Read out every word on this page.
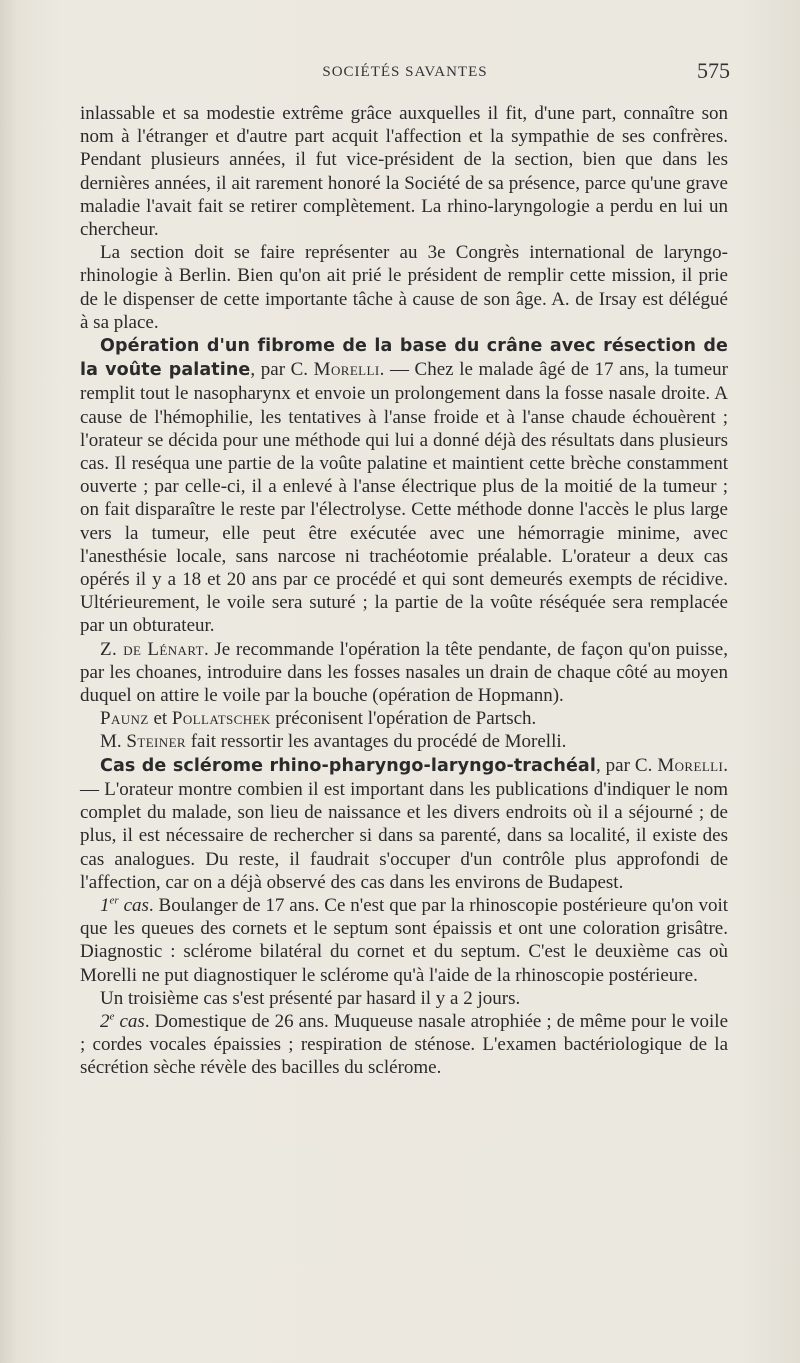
SOCIÉTÉS SAVANTES	575

inlassable et sa modestie extrême grâce auxquelles il fit, d'une part, connaître son nom à l'étranger et d'autre part acquit l'affection et la sympathie de ses confrères. Pendant plusieurs années, il fut vice-président de la section, bien que dans les dernières années, il ait rarement honoré la Société de sa présence, parce qu'une grave maladie l'avait fait se retirer complètement. La rhino-laryngologie a perdu en lui un chercheur.

La section doit se faire représenter au 3e Congrès international de laryngo-rhinologie à Berlin. Bien qu'on ait prié le président de remplir cette mission, il prie de le dispenser de cette importante tâche à cause de son âge. A. de Irsay est délégué à sa place.

Opération d'un fibrome de la base du crâne avec résection de la voûte palatine, par C. Morelli. — Chez le malade âgé de 17 ans, la tumeur remplit tout le nasopharynx et envoie un prolongement dans la fosse nasale droite. A cause de l'hémophilie, les tentatives à l'anse froide et à l'anse chaude échouèrent ; l'orateur se décida pour une méthode qui lui a donné déjà des résultats dans plusieurs cas. Il reséqua une partie de la voûte palatine et maintient cette brèche constamment ouverte ; par celle-ci, il a enlevé à l'anse électrique plus de la moitié de la tumeur ; on fait disparaître le reste par l'électrolyse. Cette méthode donne l'accès le plus large vers la tumeur, elle peut être exécutée avec une hémorragie minime, avec l'anesthésie locale, sans narcose ni trachéotomie préalable. L'orateur a deux cas opérés il y a 18 et 20 ans par ce procédé et qui sont demeurés exempts de récidive. Ultérieurement, le voile sera suturé ; la partie de la voûte réséquée sera remplacée par un obturateur.

Z. de Lénart. Je recommande l'opération la tête pendante, de façon qu'on puisse, par les choanes, introduire dans les fosses nasales un drain de chaque côté au moyen duquel on attire le voile par la bouche (opération de Hopmann).

Paunz et Pollatschek préconisent l'opération de Partsch.

M. Steiner fait ressortir les avantages du procédé de Morelli.

Cas de sclérome rhino-pharyngo-laryngo-trachéal, par C. Morelli. — L'orateur montre combien il est important dans les publications d'indiquer le nom complet du malade, son lieu de naissance et les divers endroits où il a séjourné ; de plus, il est nécessaire de rechercher si dans sa parenté, dans sa localité, il existe des cas analogues. Du reste, il faudrait s'occuper d'un contrôle plus approfondi de l'affection, car on a déjà observé des cas dans les environs de Budapest.

1er cas. Boulanger de 17 ans. Ce n'est que par la rhinoscopie postérieure qu'on voit que les queues des cornets et le septum sont épaissis et ont une coloration grisâtre. Diagnostic : sclérome bilatéral du cornet et du septum. C'est le deuxième cas où Morelli ne put diagnostiquer le sclérome qu'à l'aide de la rhinoscopie postérieure.

Un troisième cas s'est présenté par hasard il y a 2 jours.

2e cas. Domestique de 26 ans. Muqueuse nasale atrophiée ; de même pour le voile ; cordes vocales épaissies ; respiration de sténose. L'examen bactériologique de la sécrétion sèche révèle des bacilles du sclérome.
